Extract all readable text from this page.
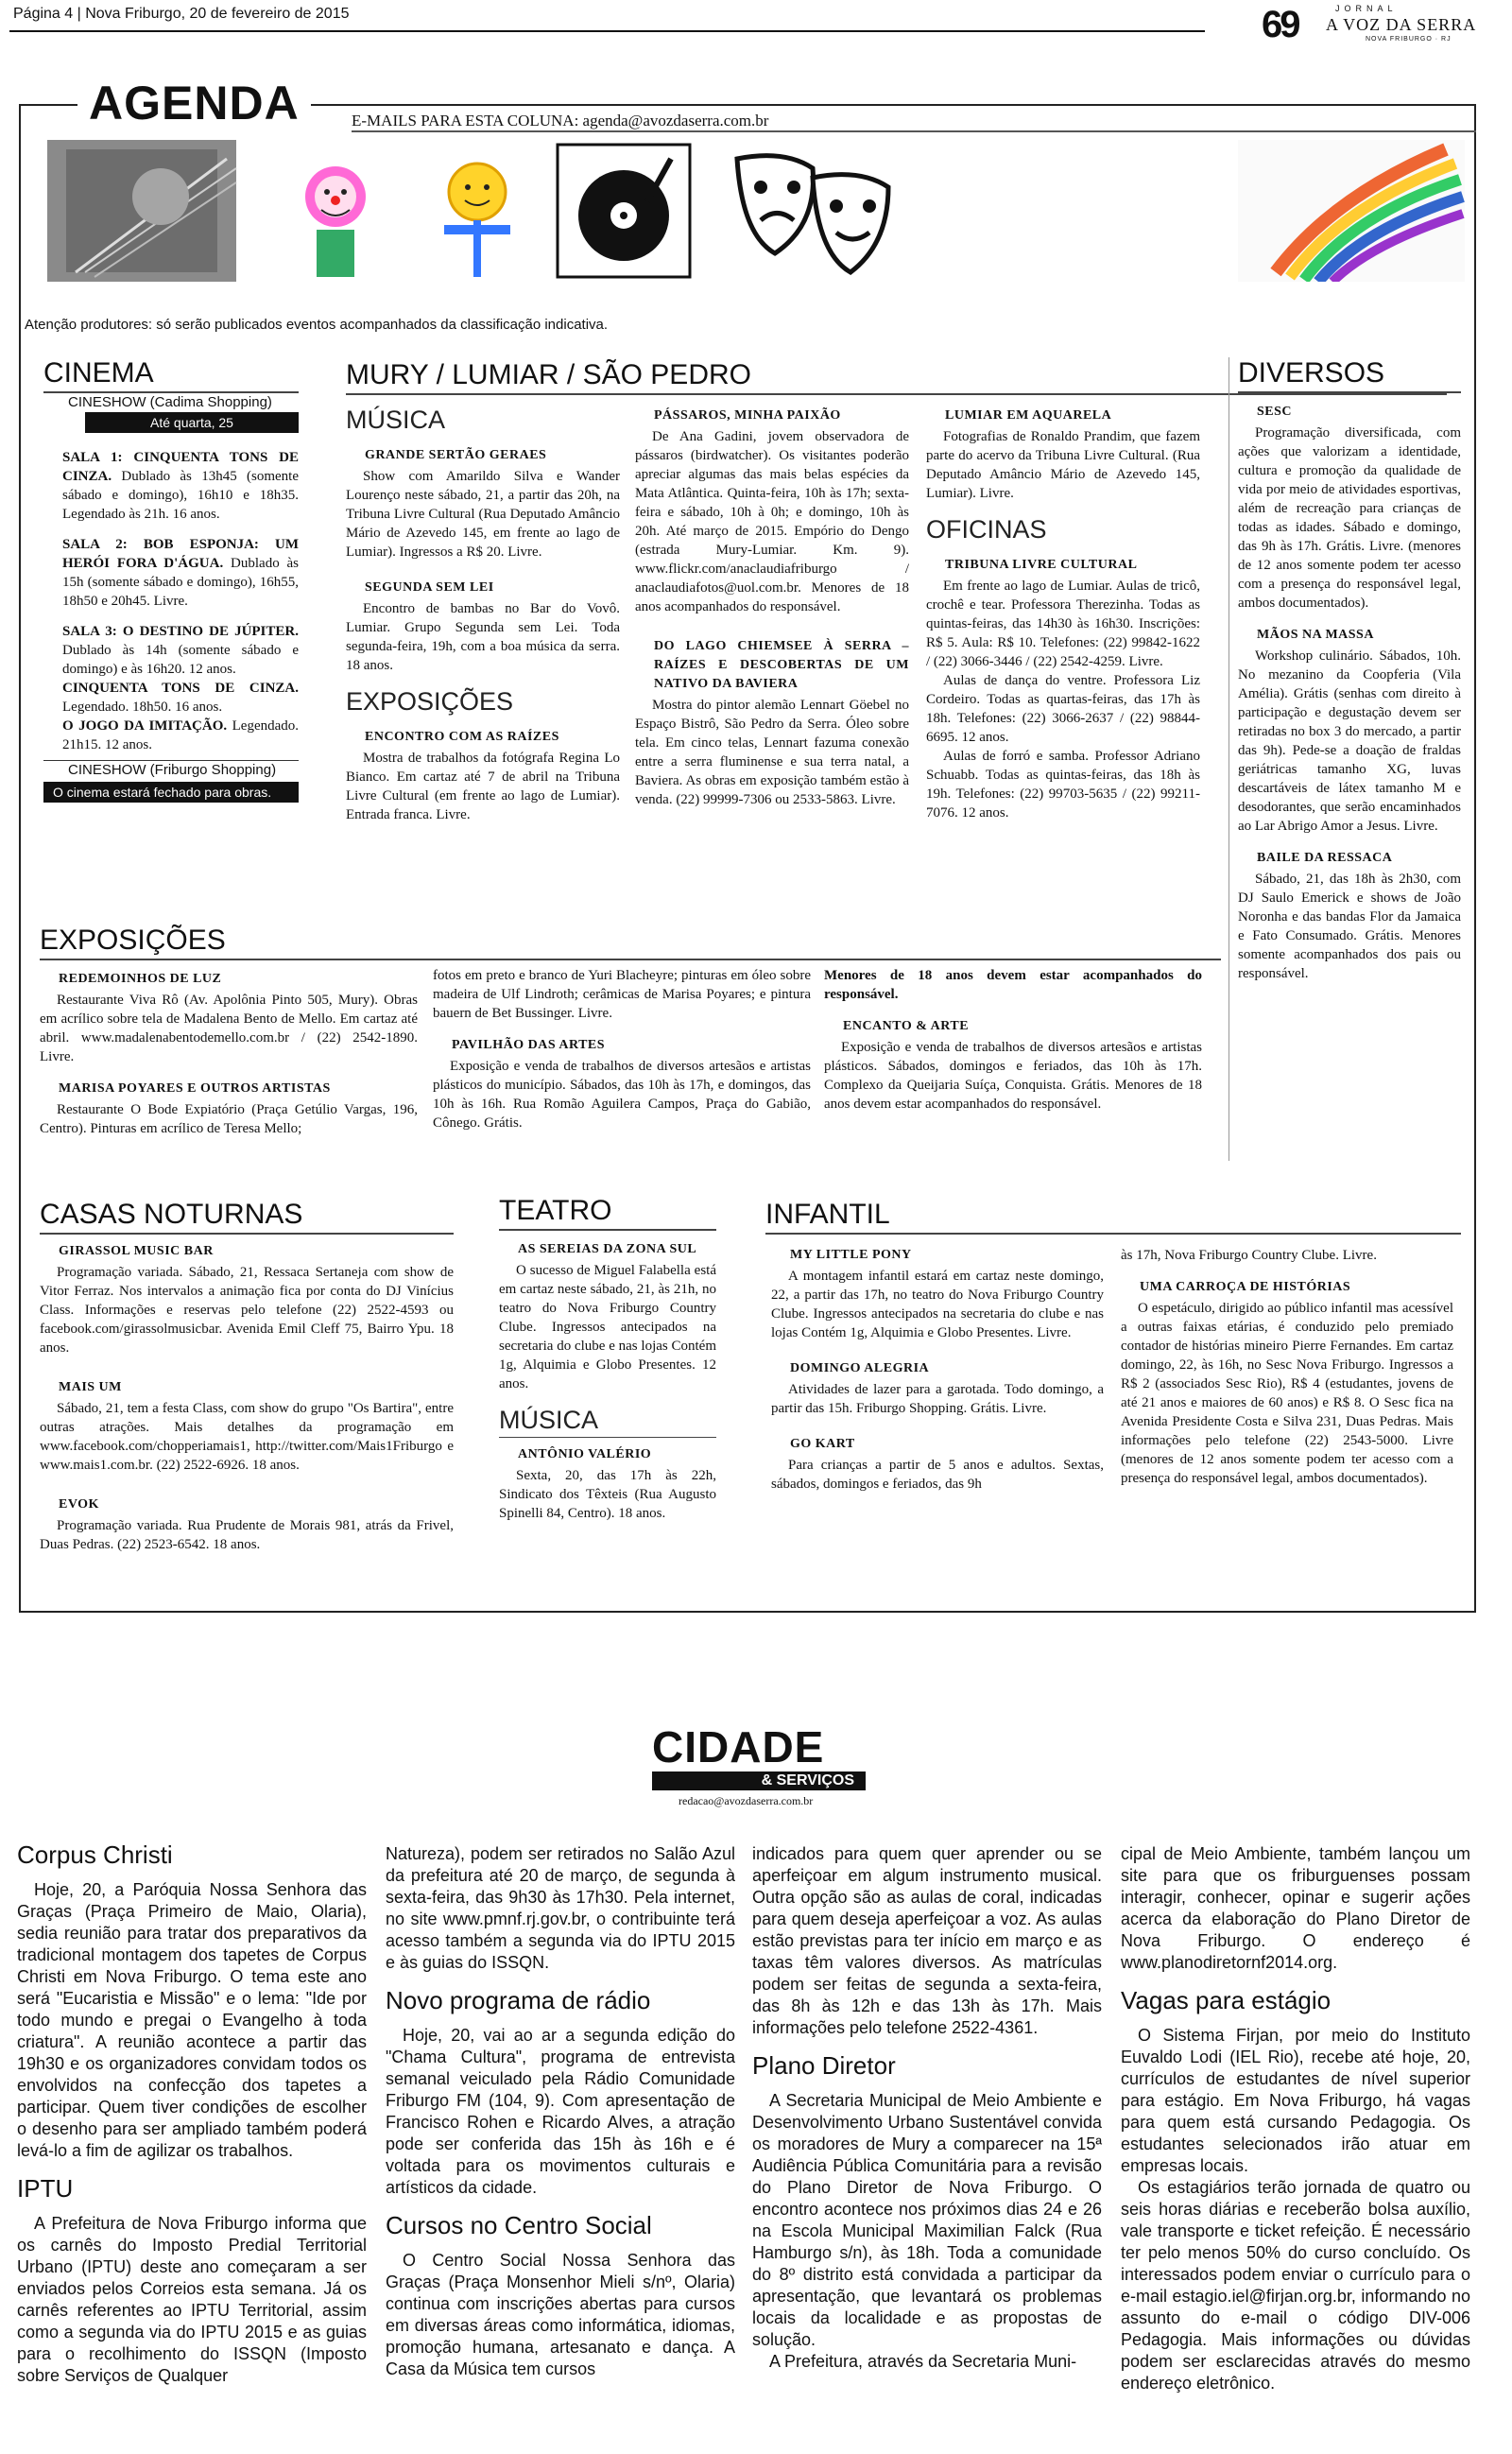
Página 4 | Nova Friburgo, 20 de fevereiro de 2015	69	JORNAL
A VOZ DA SERRA
NOVA FRIBURGO · RJ
AGENDA	E-MAILS PARA ESTA COLUNA: agenda@avozdaserra.com.br
Atenção produtores: só serão publicados eventos acompanhados da classificação indicativa.
CINEMA
CINESHOW (Cadima Shopping)
Até quarta, 25

SALA 1: CINQUENTA TONS DE CINZA. Dublado às 13h45 (somente sábado e domingo), 16h10 e 18h35. Legendado às 21h. 16 anos.

SALA 2: BOB ESPONJA: UM HERÓI FORA D'ÁGUA. Dublado às 15h (somente sábado e domingo), 16h55, 18h50 e 20h45. Livre.

SALA 3: O DESTINO DE JÚPITER. Dublado às 14h (somente sábado e domingo) e às 16h20. 12 anos.

CINQUENTA TONS DE CINZA. Legendado. 18h50. 16 anos.

O JOGO DA IMITAÇÃO. Legendado. 21h15. 12 anos.

CINESHOW (Friburgo Shopping)
O cinema estará fechado para obras.
MURY / LUMIAR / SÃO PEDRO
MÚSICA
GRANDE SERTÃO GERAES

Show com Amarildo Silva e Wander Lourenço neste sábado, 21, a partir das 20h, na Tribuna Livre Cultural (Rua Deputado Amâncio Mário de Azevedo 145, em frente ao lago de Lumiar). Ingressos a R$ 20. Livre.

SEGUNDA SEM LEI

Encontro de bambas no Bar do Vovô. Lumiar. Grupo Segunda sem Lei. Toda segunda-feira, 19h, com a boa música da serra. 18 anos.

EXPOSIÇÕES
ENCONTRO COM AS RAÍZES

Mostra de trabalhos da fotógrafa Regina Lo Bianco. Em cartaz até 7 de abril na Tribuna Livre Cultural (em frente ao lago de Lumiar). Entrada franca. Livre.

PÁSSAROS, MINHA PAIXÃO

De Ana Gadini, jovem observadora de pássaros (birdwatcher). Os visitantes poderão apreciar algumas das mais belas espécies da Mata Atlântica. Quinta-feira, 10h às 17h; sexta-feira e sábado, 10h à 0h; e domingo, 10h às 20h. Até março de 2015. Empório do Dengo (estrada Mury-Lumiar. Km. 9). www.flickr.com/anaclaudiafriburgo / anaclaudiafotos@uol.com.br. Menores de 18 anos acompanhados do responsável.

DO LAGO CHIEMSEE À SERRA – RAÍZES E DESCOBERTAS DE UM NATIVO DA BAVIERA

Mostra do pintor alemão Lennart Göebel no Espaço Bistrô, São Pedro da Serra. Óleo sobre tela. Em cinco telas, Lennart fazuma conexão entre a serra fluminense e sua terra natal, a Baviera. As obras em exposição também estão à venda. (22) 99999-7306 ou 2533-5863. Livre.

LUMIAR EM AQUARELA

Fotografias de Ronaldo Prandim, que fazem parte do acervo da Tribuna Livre Cultural. (Rua Deputado Amâncio Mário de Azevedo 145, Lumiar). Livre.

OFICINAS
TRIBUNA LIVRE CULTURAL

Em frente ao lago de Lumiar. Aulas de tricô, crochê e tear. Professora Therezinha. Todas as quintas-feiras, das 14h30 às 16h30. Inscrições: R$ 5. Aula: R$ 10. Telefones: (22) 99842-1622 / (22) 3066-3446 / (22) 2542-4259. Livre.

Aulas de dança do ventre. Professora Liz Cordeiro. Todas as quartas-feiras, das 17h às 18h. Telefones: (22) 3066-2637 / (22) 98844-6695. 12 anos.

Aulas de forró e samba. Professor Adriano Schuabb. Todas as quintas-feiras, das 18h às 19h. Telefones: (22) 99703-5635 / (22) 99211-7076. 12 anos.

DIVERSOS
SESC

Programação diversificada, com ações que valorizam a identidade, cultura e promoção da qualidade de vida por meio de atividades esportivas, além de recreação para crianças de todas as idades. Sábado e domingo, das 9h às 17h. Grátis. Livre. (menores de 12 anos somente podem ter acesso com a presença do responsável legal, ambos documentados).

MÃOS NA MASSA

Workshop culinário. Sábados, 10h. No mezanino da Coopferia (Vila Amélia). Grátis (senhas com direito à participação e degustação devem ser retiradas no box 3 do mercado, a partir das 9h). Pede-se a doação de fraldas geriátricas tamanho XG, luvas descartáveis de látex tamanho M e desodorantes, que serão encaminhados ao Lar Abrigo Amor a Jesus. Livre.

BAILE DA RESSACA

Sábado, 21, das 18h às 2h30, com DJ Saulo Emerick e shows de João Noronha e das bandas Flor da Jamaica e Fato Consumado. Grátis. Menores somente acompanhados dos pais ou responsável.

EXPOSIÇÕES
REDEMOINHOS DE LUZ

Restaurante Viva Rô (Av. Apolônia Pinto 505, Mury). Obras em acrílico sobre tela de Madalena Bento de Mello. Em cartaz até abril. www.madalenabentodemello.com.br / (22) 2542-1890. Livre.

MARISA POYARES E OUTROS ARTISTAS

Restaurante O Bode Expiatório (Praça Getúlio Vargas, 196, Centro). Pinturas em acrílico de Teresa Mello;

fotos em preto e branco de Yuri Blacheyre; pinturas em óleo sobre madeira de Ulf Lindroth; cerâmicas de Marisa Poyares; e pintura bauern de Bet Bussinger. Livre.

PAVILHÃO DAS ARTES

Exposição e venda de trabalhos de diversos artesãos e artistas plásticos do município. Sábados, das 10h às 17h, e domingos, das 10h às 16h. Rua Romão Aguilera Campos, Praça do Gabião, Cônego. Grátis.

Menores de 18 anos devem estar acompanhados do responsável.

ENCANTO & ARTE

Exposição e venda de trabalhos de diversos artesãos e artistas plásticos. Sábados, domingos e feriados, das 10h às 17h. Complexo da Queijaria Suíça, Conquista. Grátis. Menores de 18 anos devem estar acompanhados do responsável.

CASAS NOTURNAS
GIRASSOL MUSIC BAR

Programação variada. Sábado, 21, Ressaca Sertaneja com show de Vitor Ferraz. Nos intervalos a animação fica por conta do DJ Vinícius Class. Informações e reservas pelo telefone (22) 2522-4593 ou facebook.com/girassolmusicbar. Avenida Emil Cleff 75, Bairro Ypu. 18 anos.

MAIS UM

Sábado, 21, tem a festa Class, com show do grupo "Os Bartira", entre outras atrações. Mais detalhes da programação em www.facebook.com/chopperiamais1, http://twitter.com/Mais1Friburgo e www.mais1.com.br. (22) 2522-6926. 18 anos.

EVOK

Programação variada. Rua Prudente de Morais 981, atrás da Frivel, Duas Pedras. (22) 2523-6542. 18 anos.

TEATRO
AS SEREIAS DA ZONA SUL

O sucesso de Miguel Falabella está em cartaz neste sábado, 21, às 21h, no teatro do Nova Friburgo Country Clube. Ingressos antecipados na secretaria do clube e nas lojas Contém 1g, Alquimia e Globo Presentes. 12 anos.

MÚSICA
ANTÔNIO VALÉRIO

Sexta, 20, das 17h às 22h, Sindicato dos Têxteis (Rua Augusto Spinelli 84, Centro). 18 anos.

INFANTIL
MY LITTLE PONY

A montagem infantil estará em cartaz neste domingo, 22, a partir das 17h, no teatro do Nova Friburgo Country Clube. Ingressos antecipados na secretaria do clube e nas lojas Contém 1g, Alquimia e Globo Presentes. Livre.

DOMINGO ALEGRIA

Atividades de lazer para a garotada. Todo domingo, a partir das 15h. Friburgo Shopping. Grátis. Livre.

GO KART

Para crianças a partir de 5 anos e adultos. Sextas, sábados, domingos e feriados, das 9h

às 17h, Nova Friburgo Country Clube. Livre.

UMA CARROÇA DE HISTÓRIAS

O espetáculo, dirigido ao público infantil mas acessível a outras faixas etárias, é conduzido pelo premiado contador de histórias mineiro Pierre Fernandes. Em cartaz domingo, 22, às 16h, no Sesc Nova Friburgo. Ingressos a R$ 2 (associados Sesc Rio), R$ 4 (estudantes, jovens de até 21 anos e maiores de 60 anos) e R$ 8. O Sesc fica na Avenida Presidente Costa e Silva 231, Duas Pedras. Mais informações pelo telefone (22) 2543-5000. Livre (menores de 12 anos somente podem ter acesso com a presença do responsável legal, ambos documentados).

CIDADE
& SERVIÇOS
redacao@avozdaserra.com.br
Corpus Christi

Hoje, 20, a Paróquia Nossa Senhora das Graças (Praça Primeiro de Maio, Olaria), sedia reunião para tratar dos preparativos da tradicional montagem dos tapetes de Corpus Christi em Nova Friburgo. O tema este ano será "Eucaristia e Missão" e o lema: "Ide por todo mundo e pregai o Evangelho à toda criatura". A reunião acontece a partir das 19h30 e os organizadores convidam todos os envolvidos na confecção dos tapetes a participar. Quem tiver condições de escolher o desenho para ser ampliado também poderá levá-lo a fim de agilizar os trabalhos.

IPTU

A Prefeitura de Nova Friburgo informa que os carnês do Imposto Predial Territorial Urbano (IPTU) deste ano começaram a ser enviados pelos Correios esta semana. Já os carnês referentes ao IPTU Territorial, assim como a segunda via do IPTU 2015 e as guias para o recolhimento do ISSQN (Imposto sobre Serviços de Qualquer

Natureza), podem ser retirados no Salão Azul da prefeitura até 20 de março, de segunda à sexta-feira, das 9h30 às 17h30. Pela internet, no site www.pmnf.rj.gov.br, o contribuinte terá acesso também a segunda via do IPTU 2015 e às guias do ISSQN.

Novo programa de rádio

Hoje, 20, vai ao ar a segunda edição do "Chama Cultura", programa de entrevista semanal veiculado pela Rádio Comunidade Friburgo FM (104, 9). Com apresentação de Francisco Rohen e Ricardo Alves, a atração pode ser conferida das 15h às 16h e é voltada para os movimentos culturais e artísticos da cidade.

Cursos no Centro Social

O Centro Social Nossa Senhora das Graças (Praça Monsenhor Mieli s/nº, Olaria) continua com inscrições abertas para cursos em diversas áreas como informática, idiomas, promoção humana, artesanato e dança. A Casa da Música tem cursos

indicados para quem quer aprender ou se aperfeiçoar em algum instrumento musical. Outra opção são as aulas de coral, indicadas para quem deseja aperfeiçoar a voz. As aulas estão previstas para ter início em março e as taxas têm valores diversos. As matrículas podem ser feitas de segunda a sexta-feira, das 8h às 12h e das 13h às 17h. Mais informações pelo telefone 2522-4361.

Plano Diretor

A Secretaria Municipal de Meio Ambiente e Desenvolvimento Urbano Sustentável convida os moradores de Mury a comparecer na 15ª Audiência Pública Comunitária para a revisão do Plano Diretor de Nova Friburgo. O encontro acontece nos próximos dias 24 e 26 na Escola Municipal Maximilian Falck (Rua Hamburgo s/n), às 18h. Toda a comunidade do 8º distrito está convidada a participar da apresentação, que levantará os problemas locais da localidade e as propostas de solução.

A Prefeitura, através da Secretaria Muni-

cipal de Meio Ambiente, também lançou um site para que os friburguenses possam interagir, conhecer, opinar e sugerir ações acerca da elaboração do Plano Diretor de Nova Friburgo. O endereço é www.planodiretornf2014.org.

Vagas para estágio

O Sistema Firjan, por meio do Instituto Euvaldo Lodi (IEL Rio), recebe até hoje, 20, currículos de estudantes de nível superior para estágio. Em Nova Friburgo, há vagas para quem está cursando Pedagogia. Os estudantes selecionados irão atuar em empresas locais.

Os estagiários terão jornada de quatro ou seis horas diárias e receberão bolsa auxílio, vale transporte e ticket refeição. É necessário ter pelo menos 50% do curso concluído. Os interessados podem enviar o currículo para o e-mail estagio.iel@firjan.org.br, informando no assunto do e-mail o código DIV-006 Pedagogia. Mais informações ou dúvidas podem ser esclarecidas através do mesmo endereço eletrônico.
